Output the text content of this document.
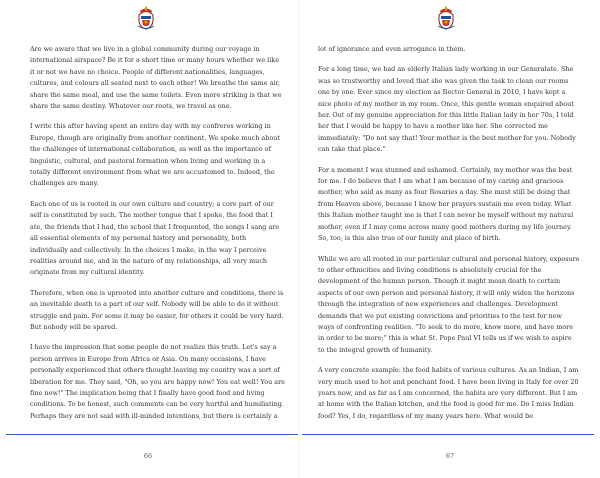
Are we aware that we live in a global community during our voyage in international airspace? Be it for a short time or many hours whether we like it or not we have no choice. People of different nationalities, languages, cultures, and colours all seated next to each other! We breathe the same air, share the same meal, and use the same toilets. Even more striking is that we share the same destiny. Whatever our roots, we travel as one.

I write this after having spent an entire day with my confreres working in Europe, though are originally from another continent. We spoke much about the challenges of international collaboration, as well as the importance of linguistic, cultural, and pastoral formation when living and working in a totally different environment from what we are accustomed to. Indeed, the challenges are many.

Each one of us is rooted in our own culture and country; a core part of our self is constituted by such. The mother tongue that I spoke, the food that I ate, the friends that I had, the school that I frequented, the songs I sang are all essential elements of my personal history and personality, both individually and collectively. In the choices I make, in the way I perceive realities around me, and in the nature of my relationships, all very much originate from my cultural identity.

Therefore, when one is uprooted into another culture and conditions, there is an inevitable death to a part of our self. Nobody will be able to do it without struggle and pain. For some it may be easier, for others it could be very hard. But nobody will be spared.

I have the impression that some people do not realize this truth. Let's say a person arrives in Europe from Africa or Asia. On many occasions, I have personally experienced that others thought leaving my country was a sort of liberation for me. They said, "Oh, so you are happy now! You eat well! You are fine now!" The implication being that I finally have good food and living conditions. To be honest, such comments can be very hurtful and humiliating. Perhaps they are not said with ill-minded intentions, but there is certainly a

66

lot of ignorance and even arrogance in them.

For a long time, we had an elderly Italian lady working in our Generalate. She was so trustworthy and loved that she was given the task to clean our rooms one by one. Ever since my election as Rector General in 2010, I have kept a nice photo of my mother in my room. Once, this gentle woman enquired about her. Out of my genuine appreciation for this little Italian lady in her 70s, I told her that I would be happy to have a mother like her. She corrected me immediately: "Do not say that! Your mother is the best mother for you. Nobody can take that place."

For a moment I was stunned and ashamed. Certainly, my mother was the best for me. I do believe that I am what I am because of my caring and gracious mother, who said as many as four Rosaries a day. She must still be doing that from Heaven above, because I know her prayers sustain me even today. What this Italian mother taught me is that I can never be myself without my natural mother, even if I may come across many good mothers during my life journey. So, too, is this also true of our family and place of birth.

While we are all rooted in our particular cultural and personal history, exposure to other ethnicities and living conditions is absolutely crucial for the development of the human person. Though it might mean death to certain aspects of our own person and personal history, it will only widen the horizons through the integration of new experiences and challenges. Development demands that we put existing convictions and priorities to the test for new ways of confronting realities. "To seek to do more, know more, and have more in order to be more;" this is what St. Pope Paul VI tells us if we wish to aspire to the integral growth of humanity.

A very concrete example: the food habits of various cultures. As an Indian, I am very much used to hot and penchant food. I have been living in Italy for over 20 years now, and as far as I am concerned, the habits are very different. But I am at home with the Italian kitchen, and the food is good for me. Do I miss Indian food? Yes, I do, regardless of my many years here. What would be

67
